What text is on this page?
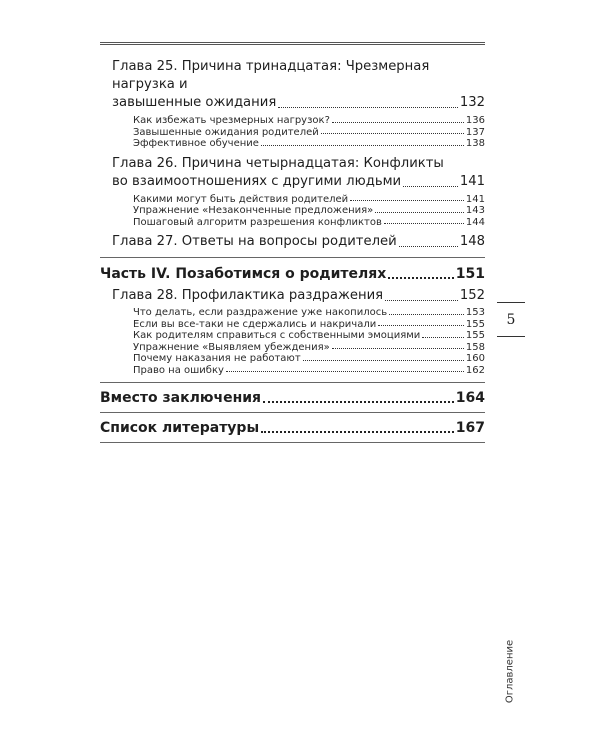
Глава 25. Причина тринадцатая: Чрезмерная нагрузка и
завышенные ожидания	132
Как избежать чрезмерных нагрузок?	136
Завышенные ожидания родителей	137
Эффективное обучение	138
Глава 26. Причина четырнадцатая: Конфликты
во взаимоотношениях с другими людьми	141
Какими могут быть действия родителей	141
Упражнение «Незаконченные предложения»	143
Пошаговый алгоритм разрешения конфликтов	144
Глава 27. Ответы на вопросы родителей	148
Часть IV. Позаботимся о родителях	151
Глава 28. Профилактика раздражения	152
Что делать, если раздражение уже накопилось	153
Если вы все-таки не сдержались и накричали	155
Как родителям справиться с собственными эмоциями	155
Упражнение «Выявляем убеждения»	158
Почему наказания не работают	160
Право на ошибку	162
Вместо заключения	164
Список литературы	167
5
Оглавление
